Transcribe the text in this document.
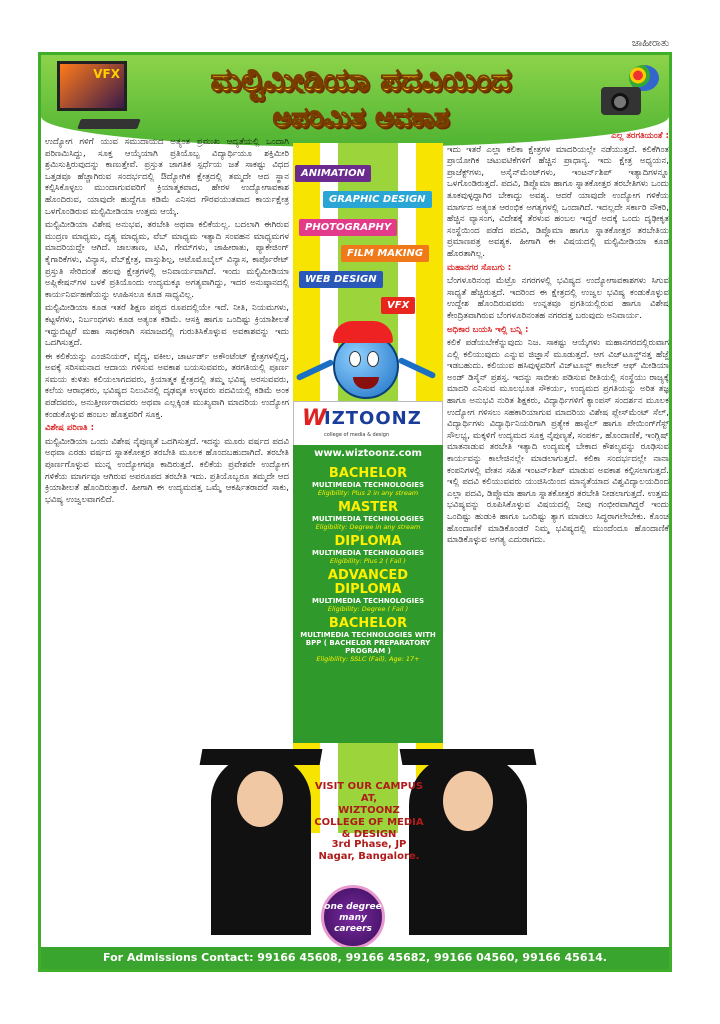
ಜಾಹೀರಾತು
VFX	ಮಲ್ಟಿಮೀಡಿಯಾ ಪದವಿಯಿಂದ
ಅಪರಿಮಿತ ಅವಕಾಶ

ಉದ್ಯೋಗ ಗಳಿಗೆ ಯುವ ಸಮುದಾಯದ ಅತ್ಯಂತ ಪ್ರಮುಖ ಆದ್ಯತೆಯಲ್ಲಿ ಒಂದಾಗಿ ಪರಿಣಮಿಸಿದ್ದು, ಸೂಕ್ತ ಆಯ್ಕೆಯಾಗಿ ಪ್ರತಿಯೊಬ್ಬ ವಿದ್ಯಾರ್ಥಿಯೂ ಶಕ್ತಿಮೀರಿ ಶ್ರಮಿಸುತ್ತಿರುವುದನ್ನು ಕಾಣುತ್ತೇವೆ. ಪ್ರಸ್ತುತ ಜಾಗತಿಕ ಸ್ಪರ್ಧೆಯ ಜತೆ ಸಾಕಷ್ಟು ವಿಧದ ಒತ್ತಡವೂ ಹೆಚ್ಚಾಗಿರುವ ಸಂದರ್ಭದಲ್ಲಿ ಔದ್ಯೋಗಿಕ ಕ್ಷೇತ್ರದಲ್ಲಿ ತಮ್ಮದೇ ಆದ ಸ್ಥಾನ ಕಲ್ಪಿಸಿಕೊಳ್ಳಲು ಮುಂದಾಗುವವರಿಗೆ ಕ್ರಿಯಾತ್ಮಕವಾದ, ಹೇರಳ ಉದ್ಯೋಗಾವಕಾಶ ಹೊಂದಿರುವ, ಯಾವುದೇ ಹುದ್ದೆಗೂ ಕಡಿಮೆ ಎನಿಸದ ಗೌರವಯುತವಾದ ಕಾರ್ಯಕ್ಷೇತ್ರ ಒಳಗೊಂಡಿರುವ ಮಲ್ಟಿಮೀಡಿಯಾ ಉತ್ತಮ ಆಯ್ಕೆ.

ಮಲ್ಟಿಮೀಡಿಯಾ ವಿಶೇಷ ಅನುಭವ, ತರಬೇತಿ ಅಥವಾ ಕಲಿಕೆಯಲ್ಲ. ಬದಲಾಗಿ ಈಗಿರುವ ಮುದ್ರಣ ಮಾಧ್ಯಮ, ದೃಶ್ಯ ಮಾಧ್ಯಮ, ವೆಬ್ ಮಾಧ್ಯಮ ಇತ್ಯಾದಿ ಸಂವಹನ ಮಾಧ್ಯಮಗಳ ಮಾದರಿಯದ್ದೇ ಆಗಿದೆ. ಜಾಲತಾಣ, ಟಿವಿ, ಗೇಮ್‌ಗಳು, ಜಾಹೀರಾತು, ಪ್ಯಾಕೇಜಿಂಗ್ ಕೈಗಾರಿಕೆಗಳು, ವಿನ್ಯಾಸ, ವೆಬ್‌ಕ್ಷೇತ್ರ, ವಾಸ್ತುಶಿಲ್ಪ, ಆಟೊಮೊಬೈಲ್ ವಿನ್ಯಾಸ, ಕಾರ್ಪೊರೇಟ್ ಪ್ರಸ್ತುತಿ ಸೇರಿದಂತೆ ಹಲವು ಕ್ಷೇತ್ರಗಳಲ್ಲಿ ಅನಿವಾರ್ಯವಾಗಿದೆ. ಇಂದು ಮಲ್ಟಿಮೀಡಿಯಾ ಅಪ್ಲಿಕೇಷನ್‌ಗಳ ಬಳಕೆ ಪ್ರತಿಯೊಂದು ಉದ್ಯಮಕ್ಕೂ ಅಗತ್ಯವಾಗಿದ್ದು, ಇದರ ಅನುಷ್ಠಾನದಲ್ಲಿ ಕಾರ್ಯನಿರ್ವಹಣೆಯನ್ನು ಊಹಿಸಲೂ ಕೂಡ ಸಾಧ್ಯವಿಲ್ಲ.

ಮಲ್ಟಿಮೀಡಿಯಾ ಕೂಡ ಇತರೆ ಶಿಕ್ಷಣ ಪಠ್ಯದ ರೂಪದಲ್ಲಿಯೇ ಇದೆ. ನೀತಿ, ನಿಯಮಗಳು, ಕಟ್ಟಳೆಗಳು, ನಿರ್ಬಂಧಗಳು ಕೂಡ ಅತ್ಯಂತ ಕಡಿಮೆ. ಆಸಕ್ತಿ ಹಾಗೂ ಒಂದಿಷ್ಟು ಕ್ರಿಯಾಶೀಲತೆ ಇದ್ದುಬಿಟ್ಟರೆ ಮಹಾ ಸಾಧಕರಾಗಿ ಸಮಾಜದಲ್ಲಿ ಗುರುತಿಸಿಕೊಳ್ಳುವ ಅವಕಾಶವನ್ನು ಇದು ಒದಗಿಸುತ್ತದೆ.

ಈ ಕಲಿಕೆಯನ್ನು ಎಂಜಿನಿಯರ್, ವೈದ್ಯ, ವಕೀಲ, ಚಾರ್ಟರ್ಡ್ ಅಕೌಂಟೆಂಟ್ ಕ್ಷೇತ್ರಗಳಲ್ಲಿದ್ದ, ಅವಕ್ಕೆ ಸರಿಸಮನಾದ ಆದಾಯ ಗಳಿಸುವ ಅವಕಾಶ ಬಯಸುವವರು, ತರಗತಿಯಲ್ಲಿ ಪೂರ್ಣ ಸಮಯ ಕುಳಿತು ಕಲಿಯಲಾಗದವರು, ಕ್ರಿಯಾತ್ಮಕ ಕ್ಷೇತ್ರದಲ್ಲಿ ತಮ್ಮ ಭವಿಷ್ಯ ಅರಸುವವರು, ಕಲೆಯ ಆರಾಧಕರು, ಭವಿಷ್ಯದ ನಿಲುವಿನಲ್ಲಿ ದೃಢವೃತ ಉಳ್ಳವರು ಪದವಿಯಲ್ಲಿ ಕಡಿಮೆ ಅಂಕ ಪಡೆದವರು, ಅನುತ್ತೀರ್ಣರಾದವರು ಅಥವಾ ಎಲ್ಲಕ್ಕಿಂತ ಮುಖ್ಯವಾಗಿ ಮಾದರಿಯ ಉದ್ಯೋಗ ಕಂಡುಕೊಳ್ಳುವ ಹಂಬಲ ಹೊತ್ತವರಿಗೆ ಸೂಕ್ತ.

ವಿಶೇಷ ಪರಿಣತಿ :

ಮಲ್ಟಿಮೀಡಿಯಾ ಒಂದು ವಿಶೇಷ ನೈಪುಣ್ಯತೆ ಒದಗಿಸುತ್ತದೆ. ಇದನ್ನು ಮೂರು ವರ್ಷದ ಪದವಿ ಅಥವಾ ಎರಡು ವರ್ಷದ ಸ್ನಾತಕೋತ್ತರ ತರಬೇತಿ ಮೂಲಕ ಹೊಂದಬಹುದಾಗಿದೆ. ತರಬೇತಿ ಪೂರ್ಣಗೊಳ್ಳುವ ಮುನ್ನ ಉದ್ಯೋಗವೂ ಕಾದಿರುತ್ತದೆ. ಕಲಿಕೆಯ ಪ್ರವೇಶವೇ ಉದ್ಯೋಗ ಗಳಿಕೆಯ ಮಾರ್ಗವೂ ಆಗಿರುವ ಅಪರೂಪದ ತರಬೇತಿ ಇದು. ಪ್ರತಿಯೊಬ್ಬರೂ ತಮ್ಮದೇ ಆದ ಕ್ರಿಯಾಶೀಲತೆ ಹೊಂದಿರುತ್ತಾರೆ. ಹೀಗಾಗಿ ಈ ಉದ್ಯಮದತ್ತ ಒಮ್ಮೆ ಆಕರ್ಷಿತರಾದರೆ ಸಾಕು, ಭವಿಷ್ಯ ಉಜ್ವಲವಾಗಲಿದೆ.

ಎಲ್ಲ ತರಗತಿಯಂತೆ :

ಇದು ಇತರೆ ಎಲ್ಲಾ ಕಲಿಕಾ ಕ್ಷೇತ್ರಗಳ ಮಾದರಿಯಲ್ಲೇ ನಡೆಯುತ್ತದೆ. ಕಲಿಕೆಗಿಂತ ಪ್ರಾಯೋಗಿಕ ಚಟುವಟಿಕೆಗಳಿಗೆ ಹೆಚ್ಚಿನ ಪ್ರಾಧಾನ್ಯ. ಇದು ಕ್ಷೇತ್ರ ಅಧ್ಯಯನ, ಪ್ರಾಜೆಕ್ಟ್‌ಗಳು, ಅಸೈನ್‌ಮೆಂಟ್‌ಗಳು, ಇಂಟರ್ನ್‌ಶಿಪ್ ಇತ್ಯಾದಿಗಳನ್ನೂ ಒಳಗೊಂಡಿರುತ್ತದೆ. ಪದವಿ, ಡಿಪ್ಲೊಮಾ ಹಾಗೂ ಸ್ನಾತಕೋತ್ತರ ತರಬೇತಿಗಳು ಒಂದು ತೂಕವುಳ್ಳದ್ದಾಗಿರ ಬೇಕಾದ್ದು ಅವಶ್ಯ. ಆದರೆ ಯಾವುದೇ ಉದ್ಯೋಗ ಗಳಿಕೆಯ ಮಾರ್ಗದ ಅತ್ಯಂತ ಆರಂಭಿಕ ಅಗತ್ಯಗಳಲ್ಲಿ ಒಂದಾಗಿದೆ. ಇದಲ್ಲದೇ ಸರ್ಕಾರಿ ನೌಕರಿ, ಹೆಚ್ಚಿನ ವ್ಯಾಸಂಗ, ವಿದೇಶಕ್ಕೆ ತೆರಳುವ ಹಂಬಲ ಇದ್ದರೆ ಅದಕ್ಕೆ ಒಂದು ದೃಢೀಕೃತ ಸಂಸ್ಥೆಯಿಂದ ಪಡೆದ ಪದವಿ, ಡಿಪ್ಲೊಮಾ ಹಾಗೂ ಸ್ನಾತಕೋತ್ತರ ತರಬೇತಿಯ ಪ್ರಮಾಣಪತ್ರ ಅವಶ್ಯಕ. ಹೀಗಾಗಿ ಈ ವಿಷಯದಲ್ಲಿ ಮಲ್ಟಿಮೀಡಿಯಾ ಕೂಡ ಹೊರತಾಗಿಲ್ಲ.

ಮಹಾನಗರ ಸೊಬಗು :

ಬೆಂಗಳೂರಿನಂಥ ಮೆಟ್ರೊ ನಗರಗಳಲ್ಲಿ ಭವಿಷ್ಯದ ಉದ್ಯೋಗಾವಕಾಶಗಳು ಸಿಗುವ ಸಾಧ್ಯತೆ ಹೆಚ್ಚಿರುತ್ತದೆ. ಇದರಿಂದ ಈ ಕ್ಷೇತ್ರದಲ್ಲಿ ಉಜ್ವಲ ಭವಿಷ್ಯ ಕಂಡುಕೊಳ್ಳುವ ಉದ್ದೇಶ ಹೊಂದಿರುವವರು ಉನ್ನತವೂ ಪ್ರಗತಿಯಲ್ಲಿರುವ ಹಾಗೂ ವಿಶೇಷ ಕೇಂದ್ರಿತವಾಗಿರುವ ಬೆಂಗಳೂರಿನಂತಹ ನಗರದತ್ತ ಬರುವುದು ಅನಿವಾರ್ಯ.

ಅಧಿಕಾರ ಬಯಸಿ ಇಲ್ಲಿ ಬನ್ನಿ :

ಕಲಿಕೆ ಪಡೆಯಬೇಕೆನ್ನುವುದು ನಿಜ. ಸಾಕಷ್ಟು ಆಯ್ಕೆಗಳು ಮಹಾನಗರದಲ್ಲಿರುವಾಗ ಎಲ್ಲಿ ಕಲಿಯುವುದು ಎನ್ನುವ ಜಿಜ್ಞಾಸೆ ಮೂಡುತ್ತದೆ. ಆಗ ವಿಜ್‌ಟೂನ್ಜ್‌ನತ್ತ ಹೆಜ್ಜೆ ಇಡಬಹುದು. ಕಲಿಯುವ ಹಸಿವುಳ್ಳವರಿಗೆ ವಿಜ್‌ಟೂನ್ಜ್ ಕಾಲೇಜ್ ಆಫ್ ಮೀಡಿಯಾ ಅಂಡ್ ಡಿಸೈನ್ ಪ್ರಶಸ್ತ. ಇದನ್ನು ಸಾಬೀತು ಪಡಿಸುವ ರೀತಿಯಲ್ಲಿ ಸಂಸ್ಥೆಯು ರಾಜ್ಯಕ್ಕೆ ಮಾದರಿ ಎನಿಸುವ ಮೂಲಭೂತ ಸೌಕರ್ಯ, ಉದ್ಯಮದ ಪ್ರಗತಿಯನ್ನು ಅರಿತ ತಜ್ಞ ಹಾಗೂ ಅನುಭವಿ ನುರಿತ ಶಿಕ್ಷಕರು, ವಿದ್ಯಾರ್ಥಿಗಳಿಗೆ ಕ್ಯಾಂಪಸ್ ಸಂದರ್ಶನ ಮೂಲಕ ಉದ್ಯೋಗ ಗಳಿಸಲು ಸಹಕಾರಿಯಾಗುವ ಮಾದರಿಯ ವಿಶೇಷ ಪ್ಲೇಸ್‌ಮೆಂಟ್ ಸೆಲ್, ವಿದ್ಯಾರ್ಥಿಗಳು ವಿದ್ಯಾರ್ಥಿನಿಯರಿಗಾಗಿ ಪ್ರತ್ಯೇಕ ಹಾಸ್ಟೆಲ್ ಹಾಗೂ ಪೇಯಿಂಗ್‌ಗೆಸ್ಟ್ ಸೌಲಭ್ಯ, ಮಕ್ಕಳಿಗೆ ಉದ್ಯಮದ ಸೂಕ್ತ ನೈಪುಣ್ಯತೆ, ಸಂಪರ್ಕ, ಹೊಂದಾಣಿಕೆ, ಇಂಗ್ಲಿಷ್ ಮಾತನಾಡುವ ತರಬೇತಿ ಇತ್ಯಾದಿ ಉದ್ಯಮಕ್ಕೆ ಬೇಕಾದ ಕೌಶಲ್ಯವನ್ನು ರೂಢಿಸುವ ಕಾರ್ಯವನ್ನು ಕಾಲೇಜಿನಲ್ಲೇ ಮಾಡಲಾಗುತ್ತದೆ. ಕಲಿಕಾ ಸಂದರ್ಭದಲ್ಲೇ ನಾನಾ ಕಂಪನಿಗಳಲ್ಲಿ ವೇತನ ಸಹಿತ ಇಂಟರ್ನ್‌ಶಿಪ್ ಮಾಡುವ ಅವಕಾಶ ಕಲ್ಪಿಸಲಾಗುತ್ತದೆ. ಇಲ್ಲಿ ಪದವಿ ಕಲಿಯುವವರು ಯುಜಿಸಿಯಿಂದ ಮಾನ್ಯತೆಯಾದ ವಿಶ್ವವಿದ್ಯಾಲಯದಿಂದ ಎಲ್ಲಾ ಪದವಿ, ಡಿಪ್ಲೊಮಾ ಹಾಗೂ ಸ್ನಾತಕೋತ್ತರ ತರಬೇತಿ ನೀಡಲಾಗುತ್ತದೆ. ಉತ್ತಮ ಭವಿಷ್ಯವನ್ನು ರೂಪಿಸಿಕೊಳ್ಳುವ ವಿಷಯದಲ್ಲಿ ನೀವು ಗಂಭೀರವಾಗಿದ್ದರೆ ಇಂದು ಒಂದಿಷ್ಟು ಹುಡುಕಿ ಹಾಗೂ ಒಂದಿಷ್ಟು ತ್ಯಾಗ ಮಾಡಲು ಸಿದ್ಧರಾಗಲೇಬೇಕು. ಕೊಂಚ ಹೊಂದಾಣಿಕೆ ಮಾಡಿಕೊಂಡರೆ ನಿಮ್ಮ ಭವಿಷ್ಯದಲ್ಲಿ ಮುಂದೆಂದೂ ಹೊಂದಾಣಿಕೆ ಮಾಡಿಕೊಳ್ಳುವ ಅಗತ್ಯ ಎದುರಾಗದು.

ANIMATION
GRAPHIC DESIGN
PHOTOGRAPHY
FILM MAKING
WEB DESIGN
VFX
W
IZTOONZ
college of media & design
www.wiztoonz.com
BACHELOR
MULTIMEDIA TECHNOLOGIES
Eligibility: Plus 2 in any stream
MASTER
MULTIMEDIA TECHNOLOGIES
Eligibility: Degree in any stream
DIPLOMA
MULTIMEDIA TECHNOLOGIES
Eligibility: Plus 2 ( Fail )
ADVANCED DIPLOMA
MULTIMEDIA TECHNOLOGIES
Eligibility: Degree ( Fail )
BACHELOR
MULTIMEDIA TECHNOLOGIES WITH BPP ( BACHELOR PREPARATORY PROGRAM )
Eligibility: SSLC (Fail), Age: 17+
VISIT OUR CAMPUS AT,
WIZTOONZ COLLEGE OF MEDIA & DESIGN
3rd Phase, JP Nagar, Bangalore.
one degree
many careers
For Admissions Contact: 99166 45608, 99166 45682, 99166 04560, 99166 45614.
